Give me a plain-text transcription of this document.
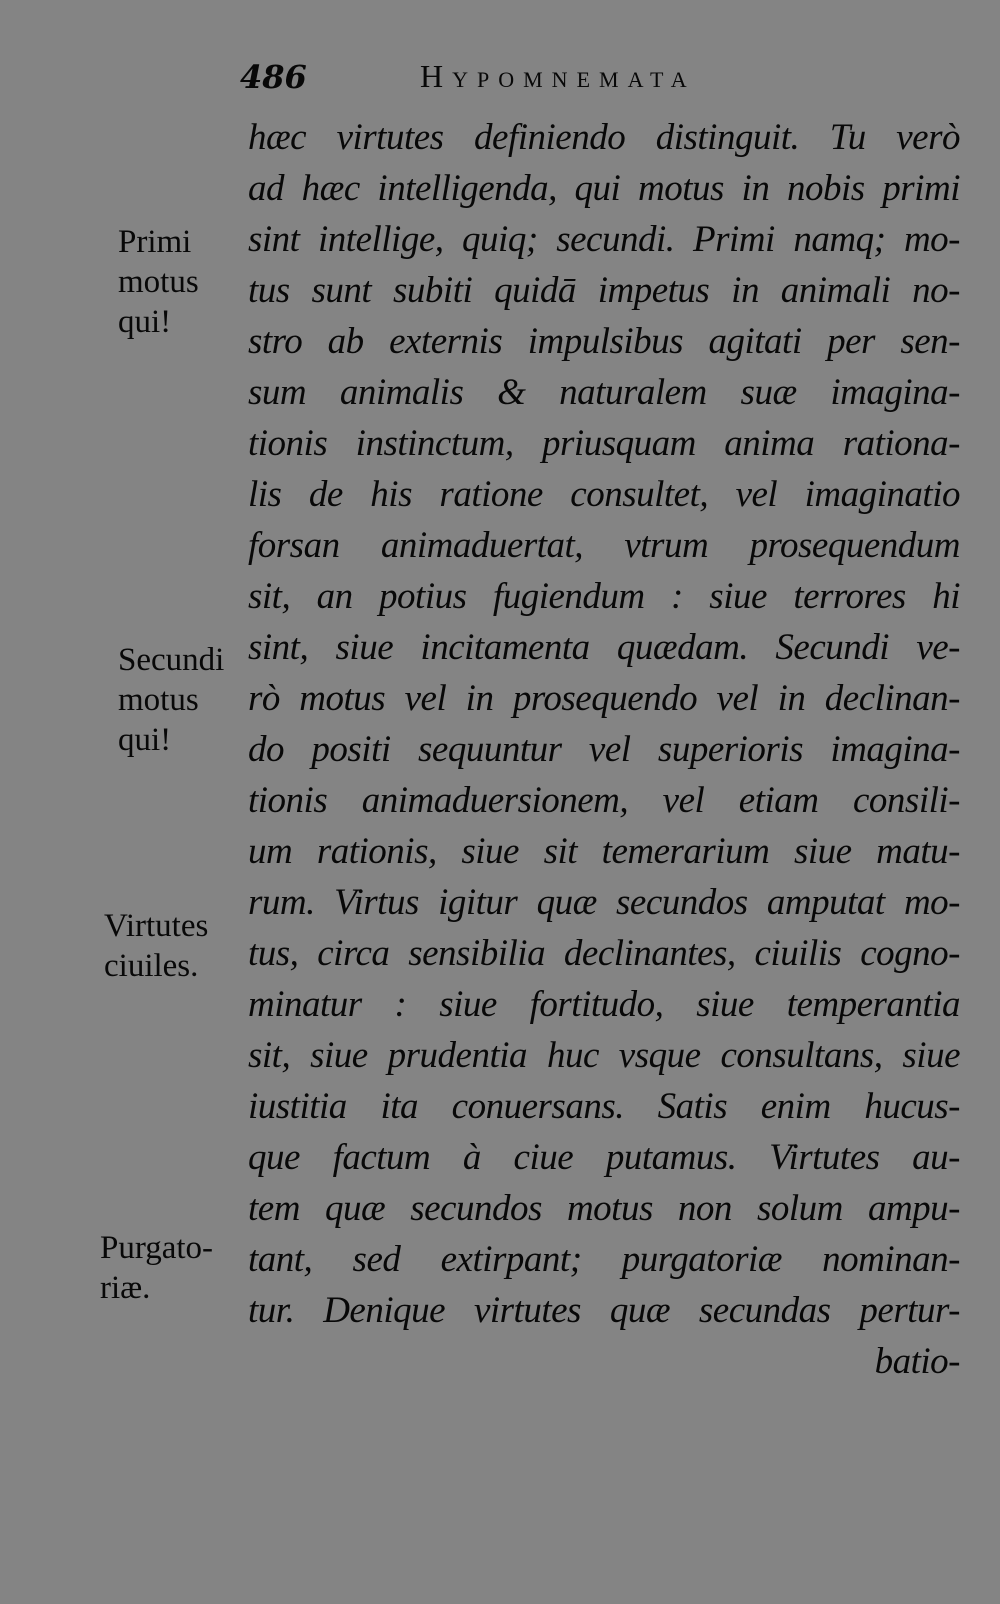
486	Hypomnemata
Primi
motus
qui!
Secundi
motus
qui!
Virtutes
ciuiles.
Purgato-
riæ.
hæc virtutes definiendo distinguit. Tu verò
ad hæc intelligenda, qui motus in nobis primi
sint intellige, quiq; secundi. Primi namq; mo-
tus sunt subiti quidā impetus in animali no-
stro ab externis impulsibus agitati per sen-
sum animalis & naturalem suæ imagina-
tionis instinctum, priusquam anima rationa-
lis de his ratione consultet, vel imaginatio
forsan animaduertat, vtrum prosequendum
sit, an potius fugiendum : siue terrores hi
sint, siue incitamenta quædam. Secundi ve-
rò motus vel in prosequendo vel in declinan-
do positi sequuntur vel superioris imagina-
tionis animaduersionem, vel etiam consili-
um rationis, siue sit temerarium siue matu-
rum. Virtus igitur quæ secundos amputat mo-
tus, circa sensibilia declinantes, ciuilis cogno-
minatur : siue fortitudo, siue temperantia
sit, siue prudentia huc vsque consultans, siue
iustitia ita conuersans. Satis enim hucus-
que factum à ciue putamus. Virtutes au-
tem quæ secundos motus non solum ampu-
tant, sed extirpant; purgatoriæ nominan-
tur. Denique virtutes quæ secundas pertur-
batio-
